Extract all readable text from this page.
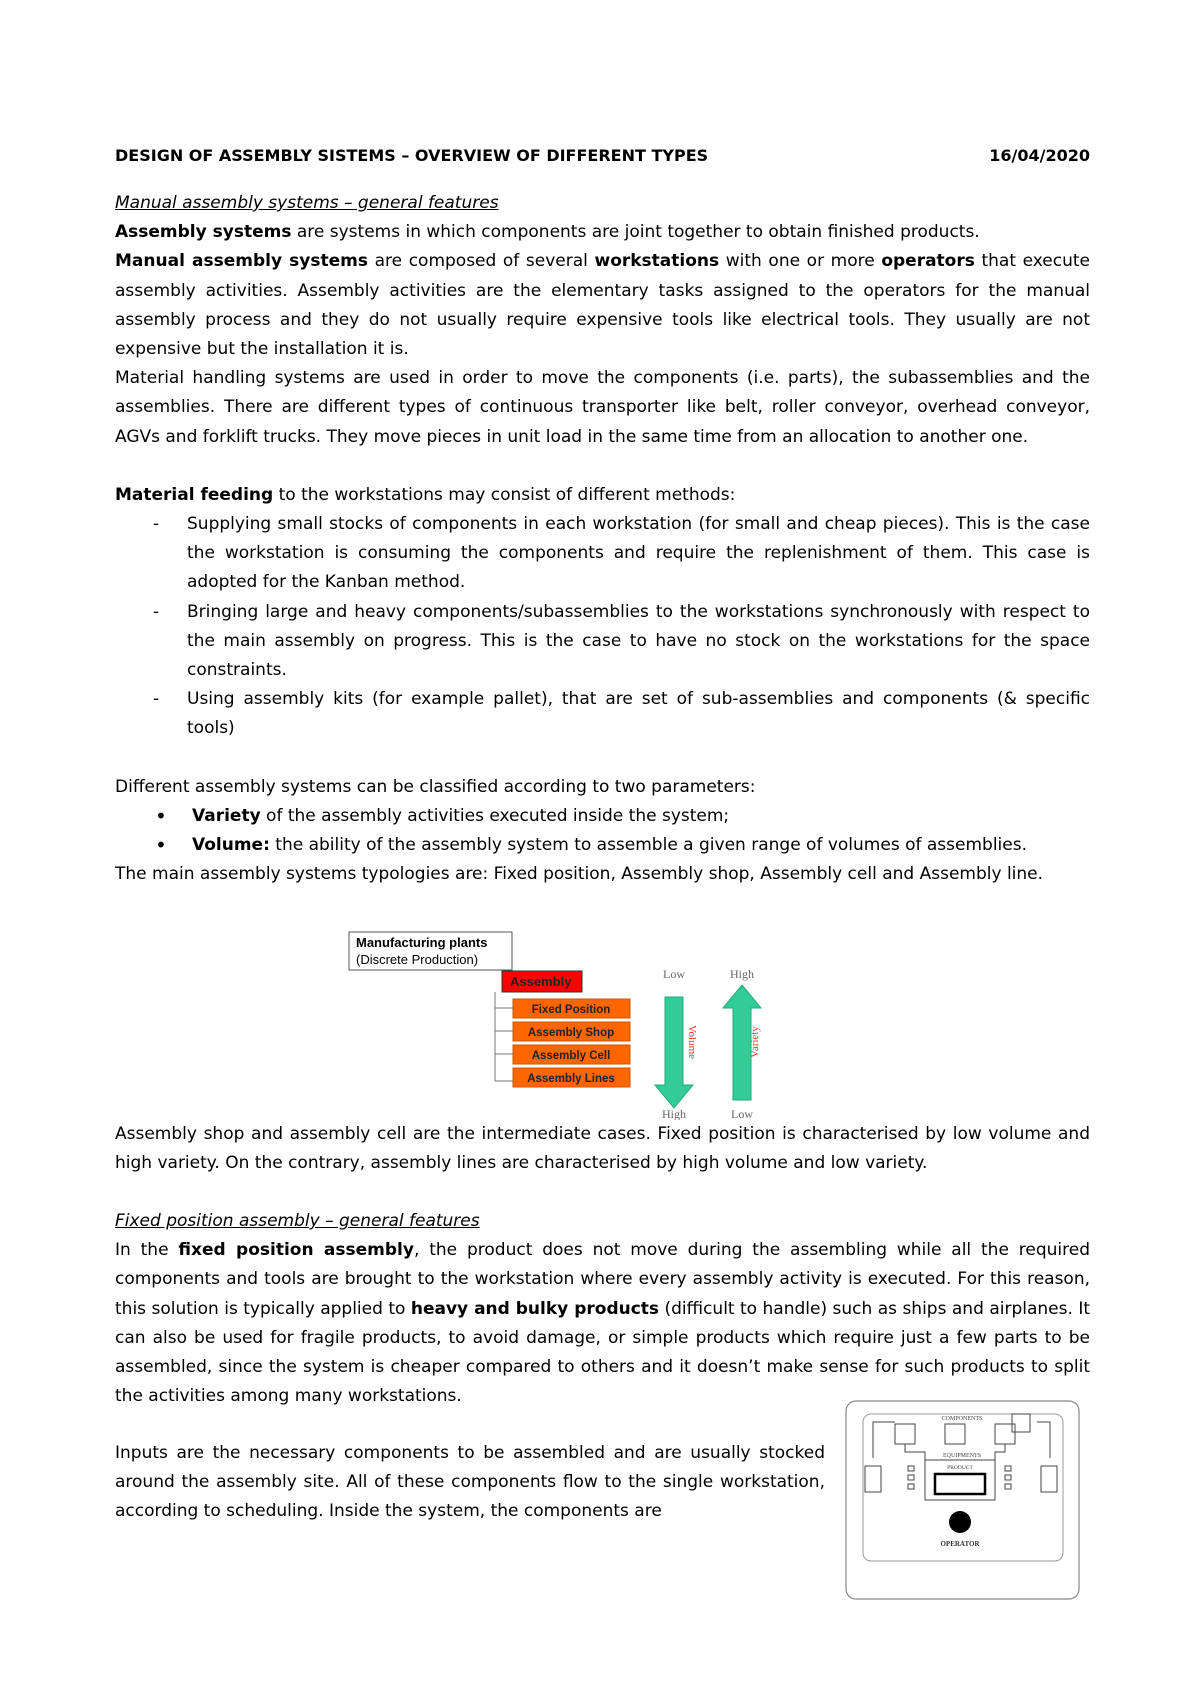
DESIGN OF ASSEMBLY SISTEMS – OVERVIEW OF DIFFERENT TYPES	16/04/2020

Manual assembly systems – general features

Assembly systems are systems in which components are joint together to obtain finished products.

Manual assembly systems are composed of several workstations with one or more operators that execute assembly activities. Assembly activities are the elementary tasks assigned to the operators for the manual assembly process and they do not usually require expensive tools like electrical tools. They usually are not expensive but the installation it is.

Material handling systems are used in order to move the components (i.e. parts), the subassemblies and the assemblies. There are different types of continuous transporter like belt, roller conveyor, overhead conveyor, AGVs and forklift trucks. They move pieces in unit load in the same time from an allocation to another one.

Material feeding to the workstations may consist of different methods:

- Supplying small stocks of components in each workstation (for small and cheap pieces). This is the case the workstation is consuming the components and require the replenishment of them. This case is adopted for the Kanban method.
- Bringing large and heavy components/subassemblies to the workstations synchronously with respect to the main assembly on progress. This is the case to have no stock on the workstations for the space constraints.
- Using assembly kits (for example pallet), that are set of sub-assemblies and components (& specific tools)

Different assembly systems can be classified according to two parameters:

• Variety of the assembly activities executed inside the system;
• Volume: the ability of the assembly system to assemble a given range of volumes of assemblies.

The main assembly systems typologies are: Fixed position, Assembly shop, Assembly cell and Assembly line.

Manufacturing plants
(Discrete Production)
Assembly
Fixed Position
Assembly Shop
Assembly Cell
Assembly Lines
Low
Volume
High
High
Variety
Low

Assembly shop and assembly cell are the intermediate cases. Fixed position is characterised by low volume and high variety. On the contrary, assembly lines are characterised by high volume and low variety.

Fixed position assembly – general features

In the fixed position assembly, the product does not move during the assembling while all the required components and tools are brought to the workstation where every assembly activity is executed. For this reason, this solution is typically applied to heavy and bulky products (difficult to handle) such as ships and airplanes. It can also be used for fragile products, to avoid damage, or simple products which require just a few parts to be assembled, since the system is cheaper compared to others and it doesn’t make sense for such products to split the activities among many workstations.

Inputs are the necessary components to be assembled and are usually stocked around the assembly site. All of these components flow to the single workstation, according to scheduling. Inside the system, the components are

COMPONENTS
EQUIPMENTS
PRODUCT
OPERATOR
